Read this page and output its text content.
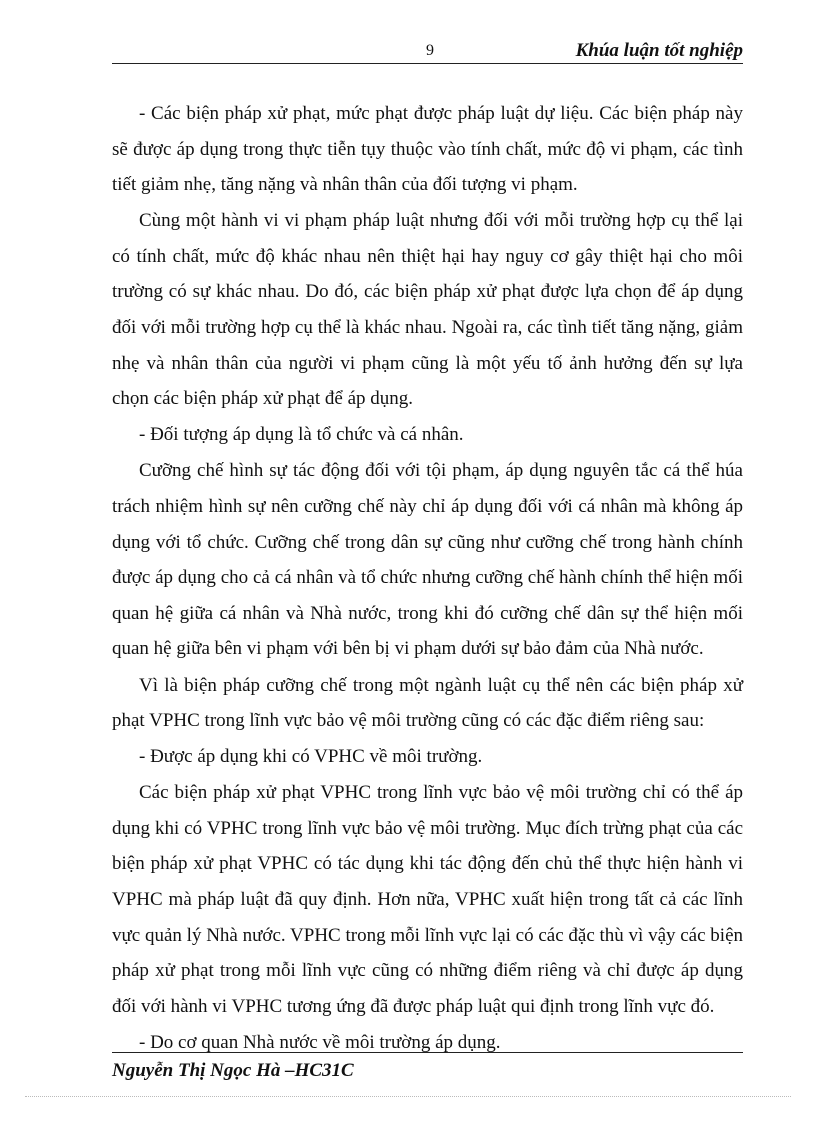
9	Khúa luận tốt nghiệp

- Các biện pháp xử phạt, mức phạt được pháp luật dự liệu. Các biện pháp này sẽ được áp dụng trong thực tiễn tụy thuộc vào tính chất, mức độ vi phạm, các tình tiết giảm nhẹ, tăng nặng và nhân thân của đối tượng vi phạm.

Cùng một hành vi vi phạm pháp luật nhưng đối với mỗi trường hợp cụ thể lại có tính chất, mức độ khác nhau nên thiệt hại hay nguy cơ gây thiệt hại cho môi trường có sự khác nhau. Do đó, các biện pháp xử phạt được lựa chọn để áp dụng đối với mỗi trường hợp cụ thể là khác nhau. Ngoài ra, các tình tiết tăng nặng, giảm nhẹ và nhân thân của người vi phạm cũng là một yếu tố ảnh hưởng đến sự lựa chọn các biện pháp xử phạt để áp dụng.

- Đối tượng áp dụng là tổ chức và cá nhân.

Cưỡng chế hình sự tác động đối với tội phạm, áp dụng nguyên tắc cá thể húa trách nhiệm hình sự nên cưỡng chế này chỉ áp dụng đối với cá nhân mà không áp dụng với tổ chức. Cưỡng chế trong dân sự cũng như cưỡng chế trong hành chính được áp dụng cho cả cá nhân và tổ chức nhưng cưỡng chế hành chính thể hiện mối quan hệ giữa cá nhân và Nhà nước, trong khi đó cưỡng chế dân sự thể hiện mối quan hệ giữa bên vi phạm với bên bị vi phạm dưới sự bảo đảm của Nhà nước.

Vì là biện pháp cưỡng chế trong một ngành luật cụ thể nên các biện pháp xử phạt VPHC trong lĩnh vực bảo vệ môi trường cũng có các đặc điểm riêng sau:

- Được áp dụng khi có VPHC về môi trường.

Các biện pháp xử phạt VPHC trong lĩnh vực bảo vệ môi trường chỉ có thể áp dụng khi có VPHC trong lĩnh vực bảo vệ môi trường. Mục đích trừng phạt của các biện pháp xử phạt VPHC có tác dụng khi tác động đến chủ thể thực hiện hành vi VPHC mà pháp luật đã quy định. Hơn nữa, VPHC xuất hiện trong tất cả các lĩnh vực quản lý Nhà nước. VPHC trong mỗi lĩnh vực lại có các đặc thù vì vậy các biện pháp xử phạt trong mỗi lĩnh vực cũng có những điểm riêng và chỉ được áp dụng đối với hành vi VPHC tương ứng đã được pháp luật qui định trong lĩnh vực đó.

- Do cơ quan Nhà nước về môi trường áp dụng.

Nguyễn Thị Ngọc Hà –HC31C
